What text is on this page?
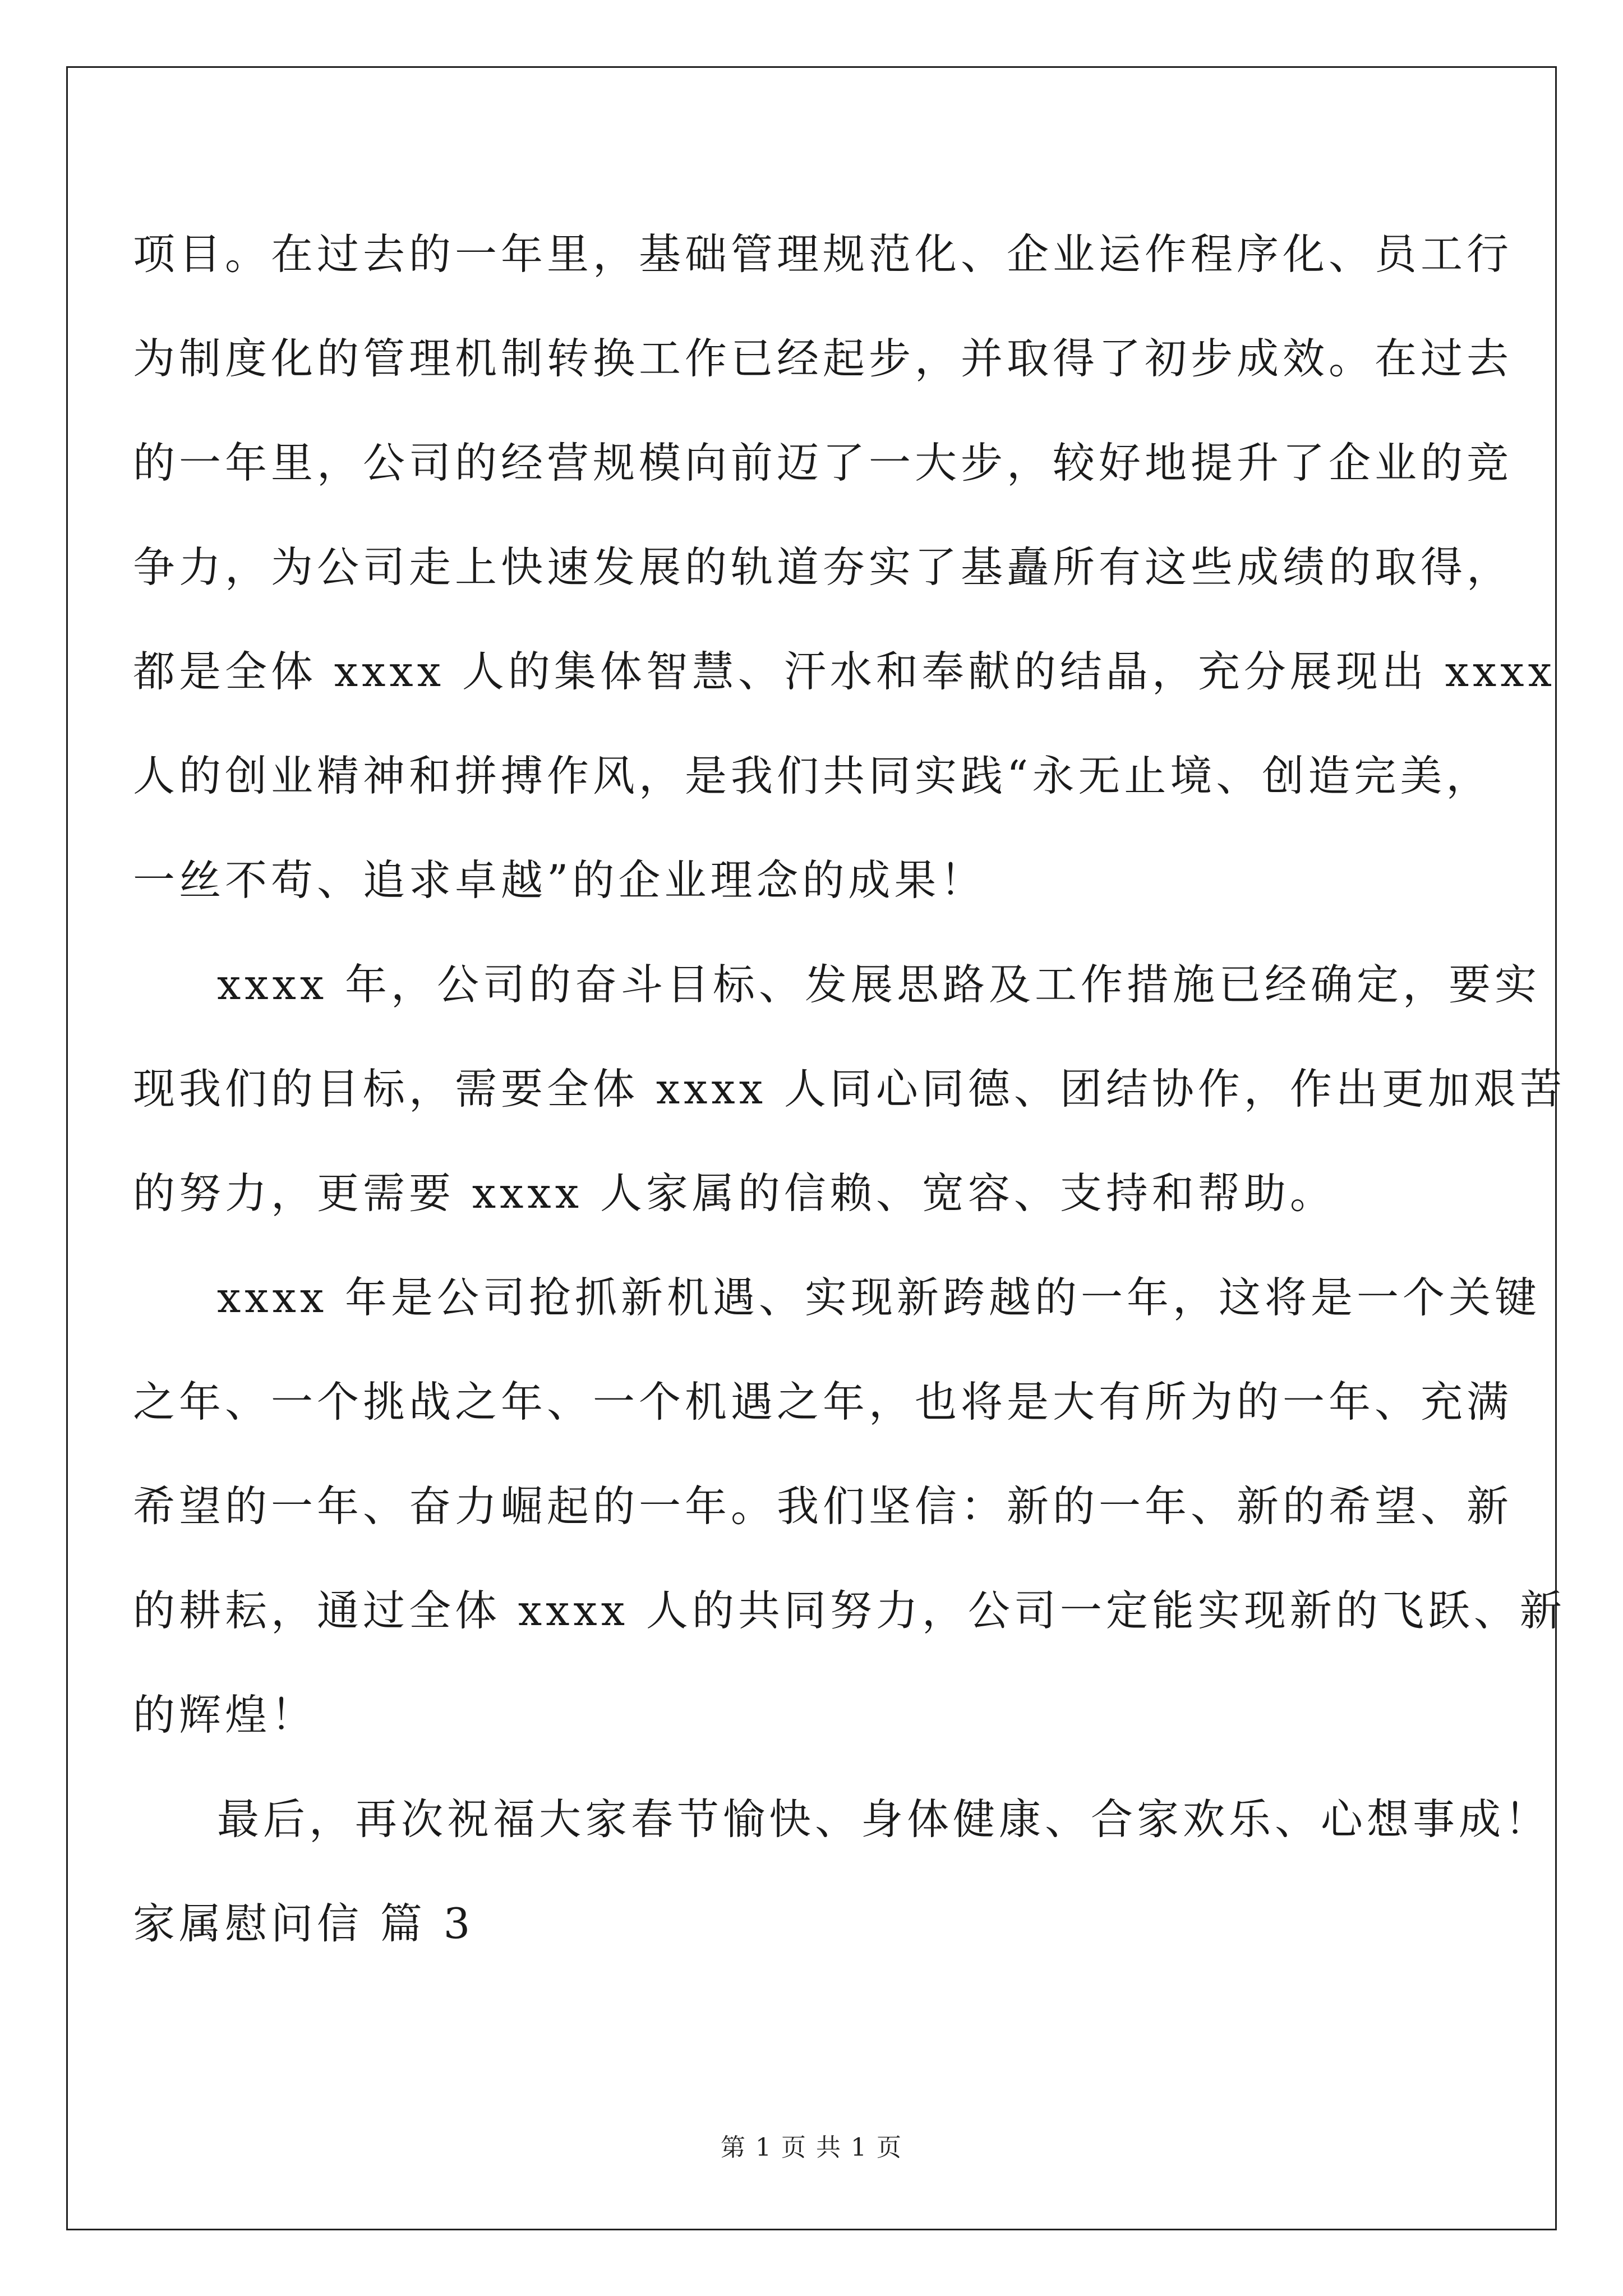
项目。在过去的一年里，基础管理规范化、企业运作程序化、员工行
为制度化的管理机制转换工作已经起步，并取得了初步成效。在过去
的一年里，公司的经营规模向前迈了一大步，较好地提升了企业的竞
争力，为公司走上快速发展的轨道夯实了基矗所有这些成绩的取得，
都是全体 xxxx 人的集体智慧、汗水和奉献的结晶，充分展现出 xxxx
人的创业精神和拼搏作风，是我们共同实践“永无止境、创造完美，
一丝不苟、追求卓越”的企业理念的成果！
xxxx 年，公司的奋斗目标、发展思路及工作措施已经确定，要实
现我们的目标，需要全体 xxxx 人同心同德、团结协作，作出更加艰苦
的努力，更需要 xxxx 人家属的信赖、宽容、支持和帮助。
xxxx 年是公司抢抓新机遇、实现新跨越的一年，这将是一个关键
之年、一个挑战之年、一个机遇之年，也将是大有所为的一年、充满
希望的一年、奋力崛起的一年。我们坚信：新的一年、新的希望、新
的耕耘，通过全体 xxxx 人的共同努力，公司一定能实现新的飞跃、新
的辉煌！
最后，再次祝福大家春节愉快、身体健康、合家欢乐、心想事成！
家属慰问信 篇 3
第 1 页 共 1 页
